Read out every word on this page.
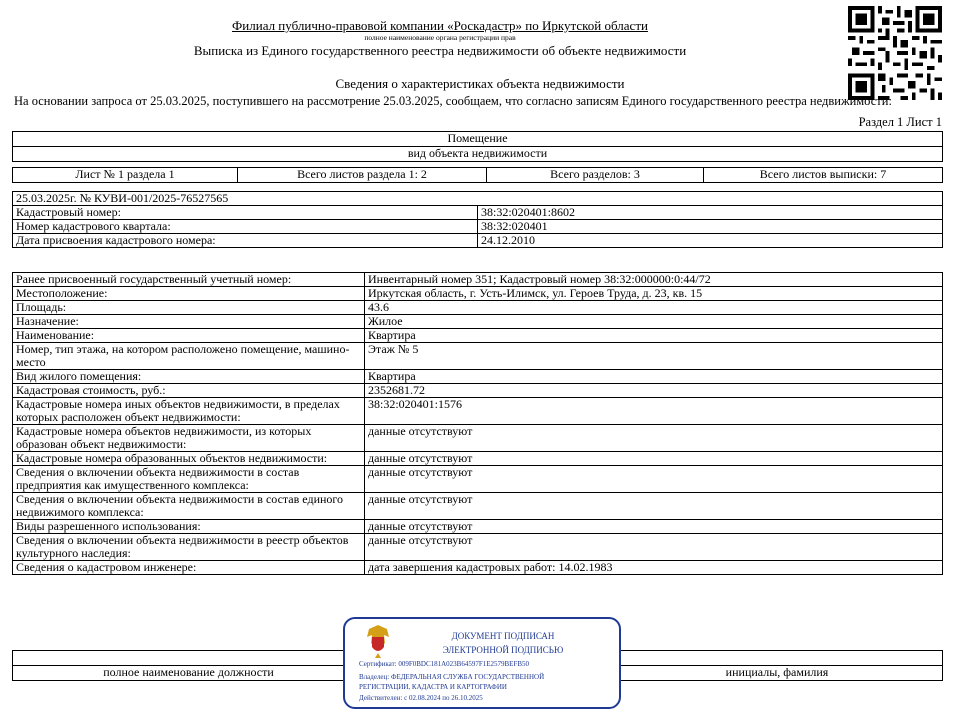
Филиал публично-правовой компании «Роскадастр» по Иркутской области
полное наименование органа регистрации прав
Выписка из Единого государственного реестра недвижимости об объекте недвижимости
Сведения о характеристиках объекта недвижимости
На основании запроса от 25.03.2025, поступившего на рассмотрение 25.03.2025, сообщаем, что согласно записям Единого государственного реестра недвижимости:
Раздел 1 Лист 1
Помещение
вид объекта недвижимости
Лист № 1 раздела 1	Всего листов раздела 1: 2	Всего разделов: 3	Всего листов выписки: 7
25.03.2025г. № КУВИ-001/2025-76527565	
Кадастровый номер:	38:32:020401:8602
Номер кадастрового квартала:	38:32:020401
Дата присвоения кадастрового номера:	24.12.2010
Ранее присвоенный государственный учетный номер:	Инвентарный номер 351; Кадастровый номер 38:32:000000:0:44/72
Местоположение:	Иркутская область, г. Усть-Илимск, ул. Героев Труда, д. 23, кв. 15
Площадь:	43.6
Назначение:	Жилое
Наименование:	Квартира
Номер, тип этажа, на котором расположено помещение, машино-место	Этаж № 5
Вид жилого помещения:	Квартира
Кадастровая стоимость, руб.:	2352681.72
Кадастровые номера иных объектов недвижимости, в пределах которых расположен объект недвижимости:	38:32:020401:1576
Кадастровые номера объектов недвижимости, из которых образован объект недвижимости:	данные отсутствуют
Кадастровые номера образованных объектов недвижимости:	данные отсутствуют
Сведения о включении объекта недвижимости в состав предприятия как имущественного комплекса:	данные отсутствуют
Сведения о включении объекта недвижимости в состав единого недвижимого комплекса:	данные отсутствуют
Виды разрешенного использования:	данные отсутствуют
Сведения о включении объекта недвижимости в реестр объектов культурного наследия:	данные отсутствуют
Сведения о кадастровом инженере:	дата завершения кадастровых работ: 14.02.1983

полное наименование должности		инициалы, фамилия
ДОКУМЕНТ ПОДПИСАН
ЭЛЕКТРОННОЙ ПОДПИСЬЮ
Сертификат: 009F0BDC181A023B64597F1E2579BEFB50
Владелец: ФЕДЕРАЛЬНАЯ СЛУЖБА ГОСУДАРСТВЕННОЙ
РЕГИСТРАЦИИ, КАДАСТРА И КАРТОГРАФИИ
Действителен: с 02.08.2024 по 26.10.2025
